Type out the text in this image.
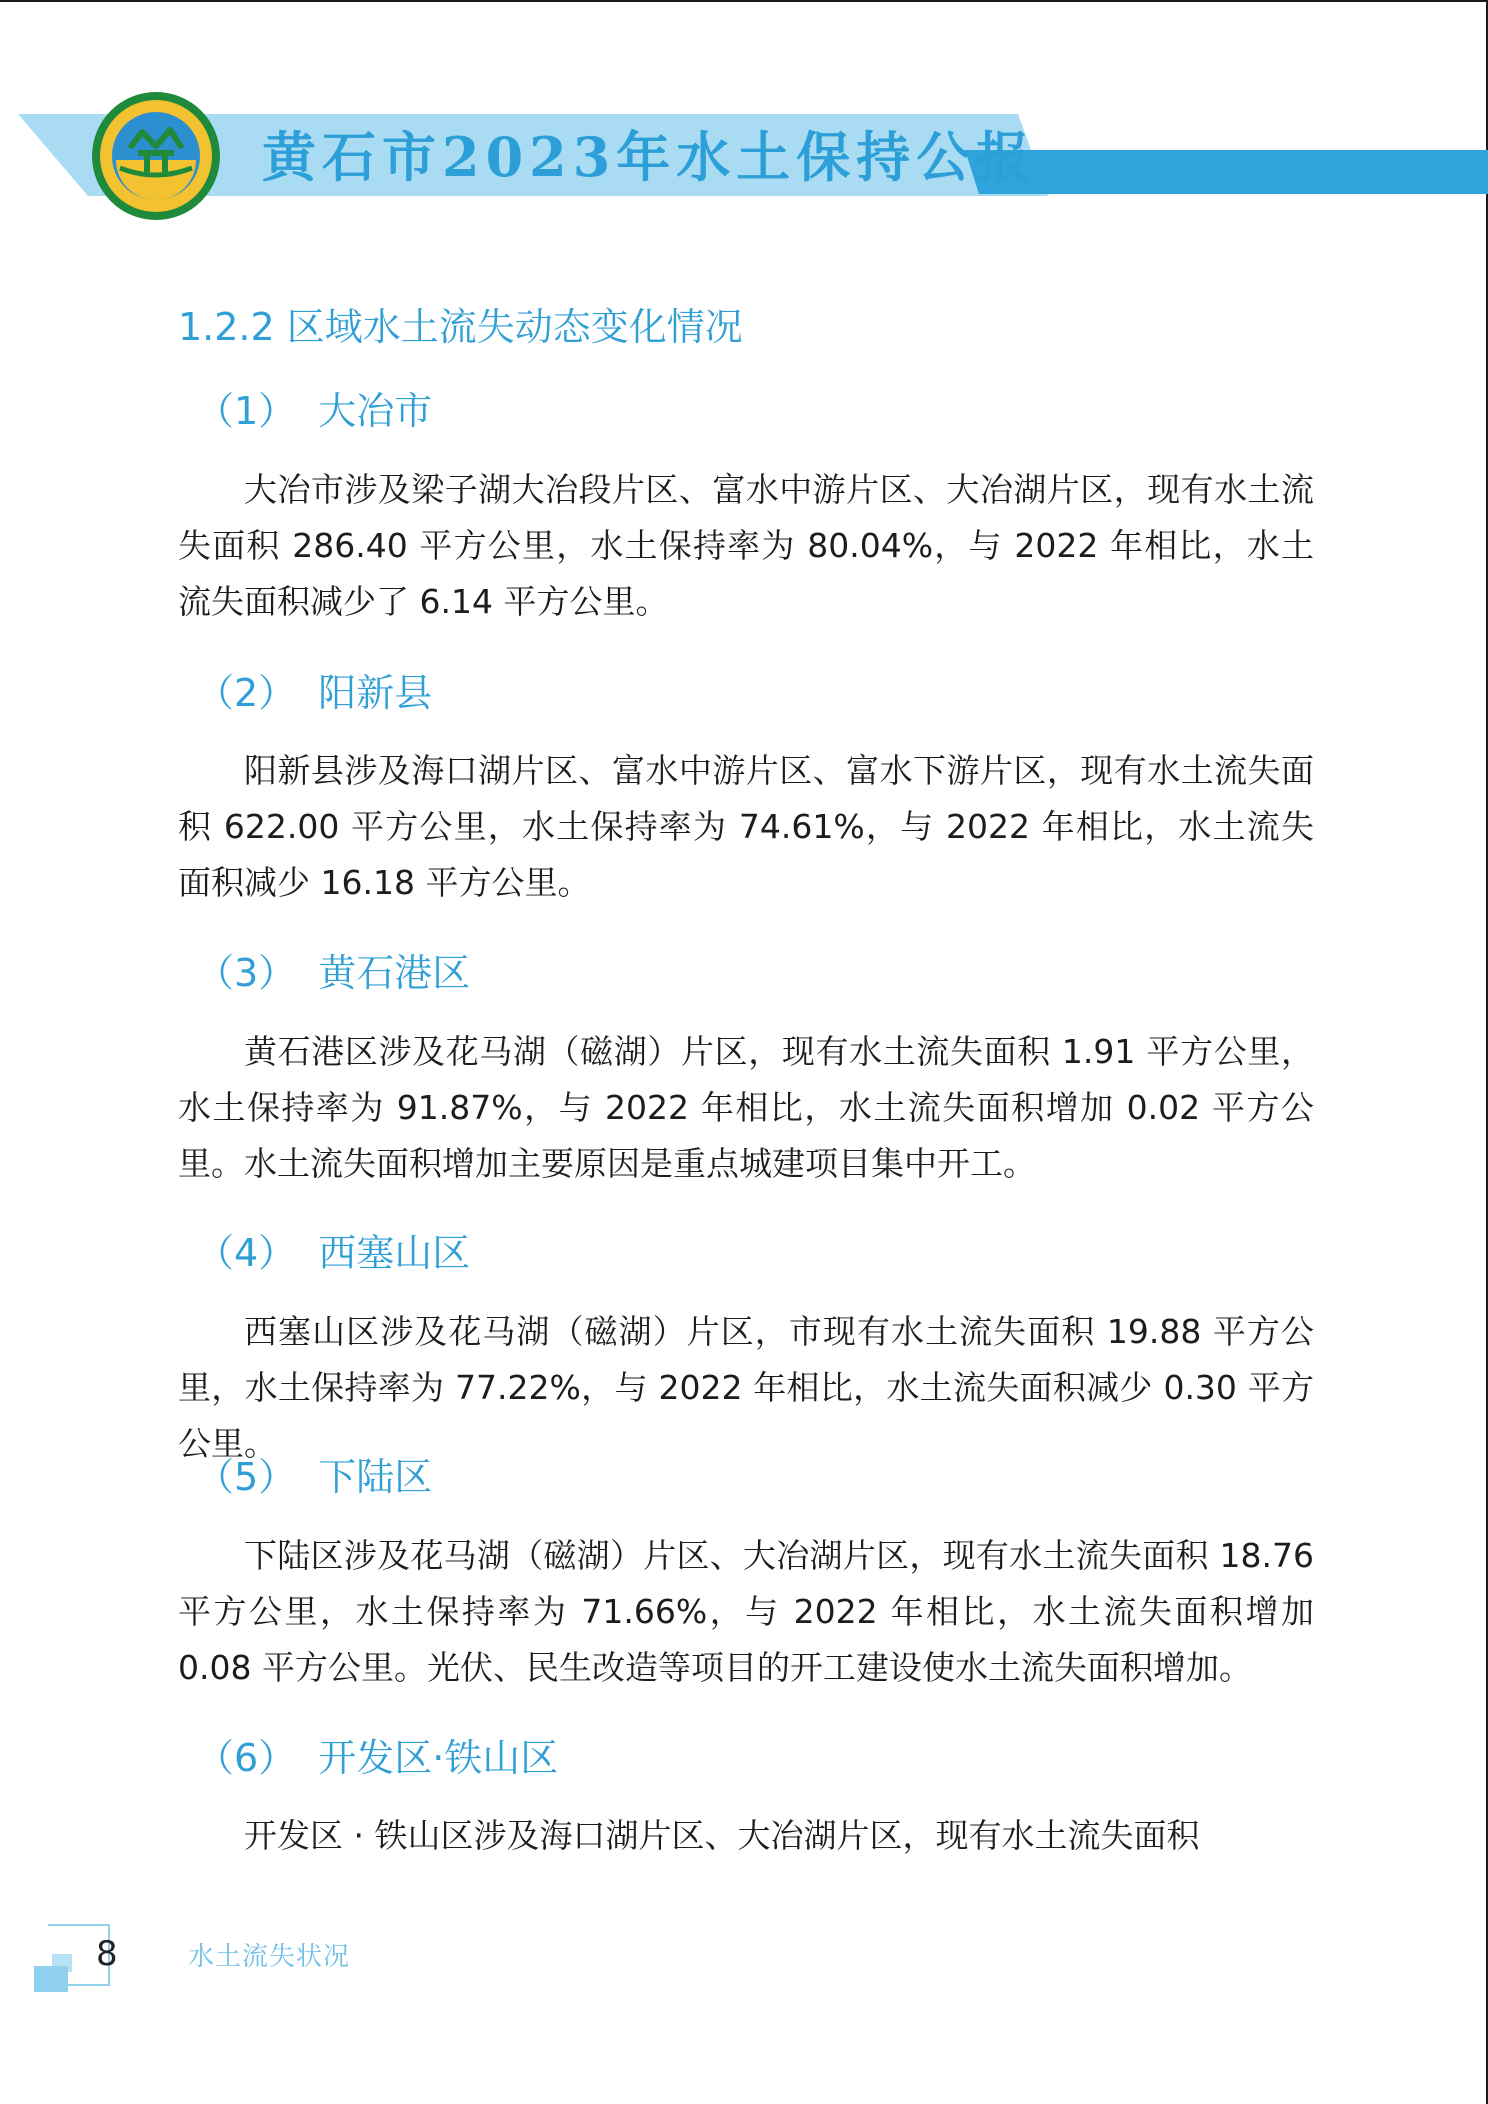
黄石市2023年水土保持公报
1.2.2 区域水土流失动态变化情况
（1） 大冶市

大冶市涉及梁子湖大冶段片区、富水中游片区、大冶湖片区，现有水土流失面积 286.40 平方公里，水土保持率为 80.04%，与 2022 年相比，水土流失面积减少了 6.14 平方公里。

（2） 阳新县

阳新县涉及海口湖片区、富水中游片区、富水下游片区，现有水土流失面积 622.00 平方公里，水土保持率为 74.61%，与 2022 年相比，水土流失面积减少 16.18 平方公里。

（3） 黄石港区

黄石港区涉及花马湖（磁湖）片区，现有水土流失面积 1.91 平方公里，水土保持率为 91.87%，与 2022 年相比，水土流失面积增加 0.02 平方公里。水土流失面积增加主要原因是重点城建项目集中开工。

（4） 西塞山区

西塞山区涉及花马湖（磁湖）片区，市现有水土流失面积 19.88 平方公里，水土保持率为 77.22%，与 2022 年相比，水土流失面积减少 0.30 平方公里。

（5） 下陆区

下陆区涉及花马湖（磁湖）片区、大冶湖片区，现有水土流失面积 18.76 平方公里，水土保持率为 71.66%，与 2022 年相比，水土流失面积增加 0.08 平方公里。光伏、民生改造等项目的开工建设使水土流失面积增加。

（6） 开发区·铁山区

开发区 · 铁山区涉及海口湖片区、大冶湖片区，现有水土流失面积

8	水土流失状况
